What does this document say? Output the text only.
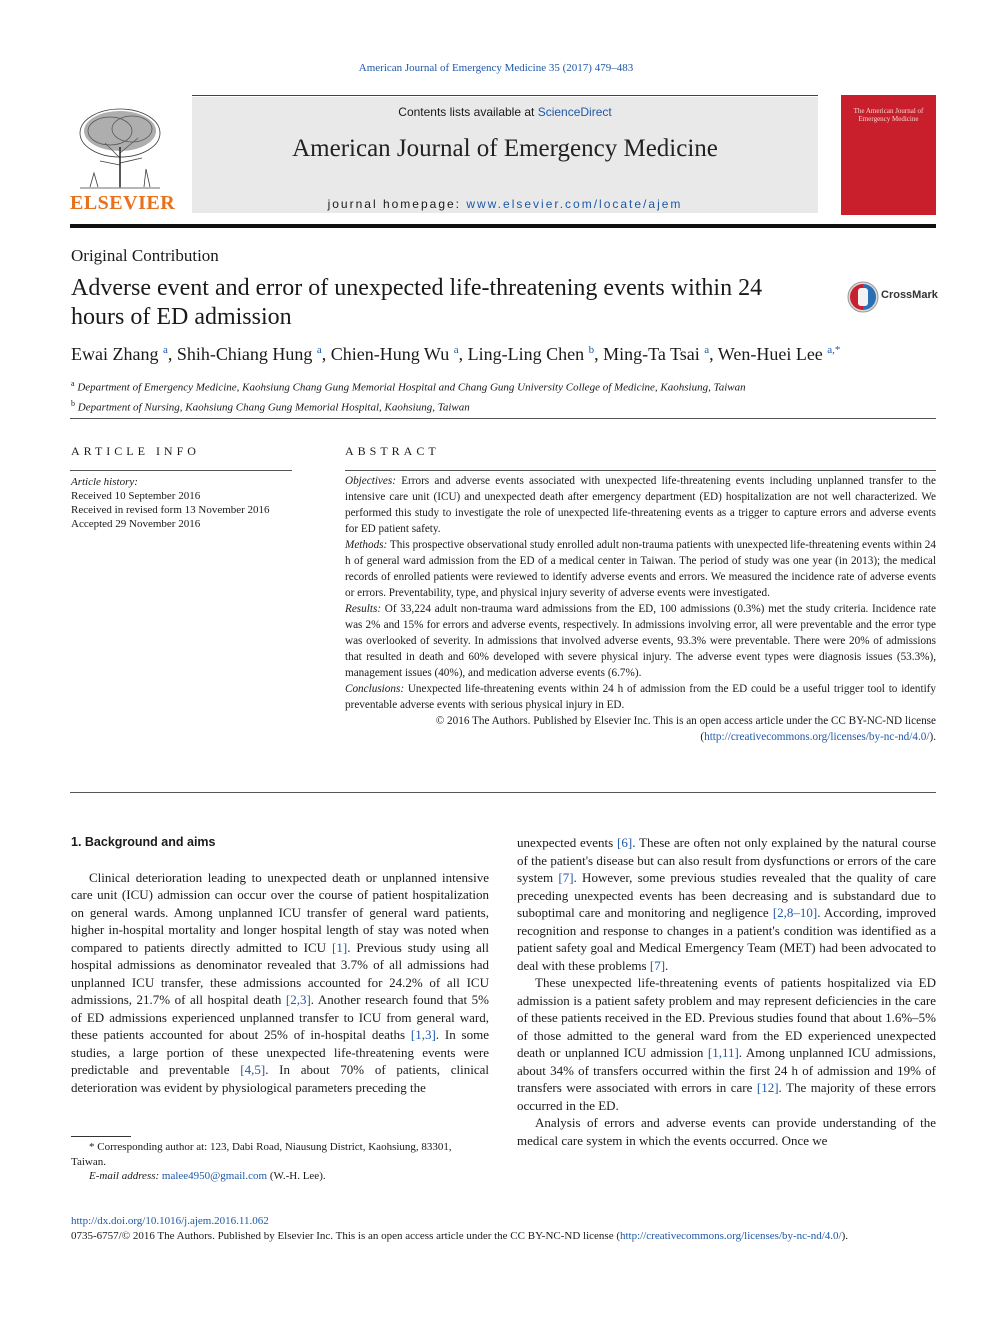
American Journal of Emergency Medicine 35 (2017) 479–483
Contents lists available at ScienceDirect
American Journal of Emergency Medicine
journal homepage: www.elsevier.com/locate/ajem
ELSEVIER
The American Journal of Emergency Medicine
Original Contribution
Adverse event and error of unexpected life-threatening events within 24 hours of ED admission
CrossMark
Ewai Zhang $^a$, Shih-Chiang Hung $^a$, Chien-Hung Wu $^a$, Ling-Ling Chen $^b$, Ming-Ta Tsai $^a$, Wen-Huei Lee $^{a,*}$
$^a$ Department of Emergency Medicine, Kaohsiung Chang Gung Memorial Hospital and Chang Gung University College of Medicine, Kaohsiung, Taiwan
$^b$ Department of Nursing, Kaohsiung Chang Gung Memorial Hospital, Kaohsiung, Taiwan
ARTICLE INFO
Article history:
Received 10 September 2016
Received in revised form 13 November 2016
Accepted 29 November 2016
ABSTRACT

Objectives: Errors and adverse events associated with unexpected life-threatening events including unplanned transfer to the intensive care unit (ICU) and unexpected death after emergency department (ED) hospitalization are not well characterized. We performed this study to investigate the role of unexpected life-threatening events as a trigger to capture errors and adverse events for ED patient safety.

Methods: This prospective observational study enrolled adult non-trauma patients with unexpected life-threatening events within 24 h of general ward admission from the ED of a medical center in Taiwan. The period of study was one year (in 2013); the medical records of enrolled patients were reviewed to identify adverse events and errors. We measured the incidence rate of adverse events or errors. Preventability, type, and physical injury severity of adverse events were investigated.

Results: Of 33,224 adult non-trauma ward admissions from the ED, 100 admissions (0.3%) met the study criteria. Incidence rate was 2% and 15% for errors and adverse events, respectively. In admissions involving error, all were preventable and the error type was overlooked of severity. In admissions that involved adverse events, 93.3% were preventable. There were 20% of admissions that resulted in death and 60% developed with severe physical injury. The adverse event types were diagnosis issues (53.3%), management issues (40%), and medication adverse events (6.7%).

Conclusions: Unexpected life-threatening events within 24 h of admission from the ED could be a useful trigger tool to identify preventable adverse events with serious physical injury in ED.

© 2016 The Authors. Published by Elsevier Inc. This is an open access article under the CC BY-NC-ND license
(http://creativecommons.org/licenses/by-nc-nd/4.0/).

1. Background and aims

Clinical deterioration leading to unexpected death or unplanned intensive care unit (ICU) admission can occur over the course of patient hospitalization on general wards. Among unplanned ICU transfer of general ward patients, higher in-hospital mortality and longer hospital length of stay was noted when compared to patients directly admitted to ICU [1]. Previous study using all hospital admissions as denominator revealed that 3.7% of all admissions had unplanned ICU transfer, these admissions accounted for 24.2% of all ICU admissions, 21.7% of all hospital death [2,3]. Another research found that 5% of ED admissions experienced unplanned transfer to ICU from general ward, these patients accounted for about 25% of in-hospital deaths [1,3]. In some studies, a large portion of these unexpected life-threatening events were predictable and preventable [4,5]. In about 70% of patients, clinical deterioration was evident by physiological parameters preceding the

unexpected events [6]. These are often not only explained by the natural course of the patient's disease but can also result from dysfunctions or errors of the care system [7]. However, some previous studies revealed that the quality of care preceding unexpected events has been decreasing and is substandard due to suboptimal care and monitoring and negligence [2,8–10]. According, improved recognition and response to changes in a patient's condition was identified as a patient safety goal and Medical Emergency Team (MET) had been advocated to deal with these problems [7].

These unexpected life-threatening events of patients hospitalized via ED admission is a patient safety problem and may represent deficiencies in the care of these patients received in the ED. Previous studies found that about 1.6%–5% of those admitted to the general ward from the ED experienced unexpected death or unplanned ICU admission [1,11]. Among unplanned ICU admissions, about 34% of transfers occurred within the first 24 h of admission and 19% of transfers were associated with errors in care [12]. The majority of these errors occurred in the ED.

Analysis of errors and adverse events can provide understanding of the medical care system in which the events occurred. Once we

* Corresponding author at: 123, Dabi Road, Niausung District, Kaohsiung, 83301, Taiwan.

E-mail address: malee4950@gmail.com (W.-H. Lee).

http://dx.doi.org/10.1016/j.ajem.2016.11.062
0735-6757/© 2016 The Authors. Published by Elsevier Inc. This is an open access article under the CC BY-NC-ND license (http://creativecommons.org/licenses/by-nc-nd/4.0/).
